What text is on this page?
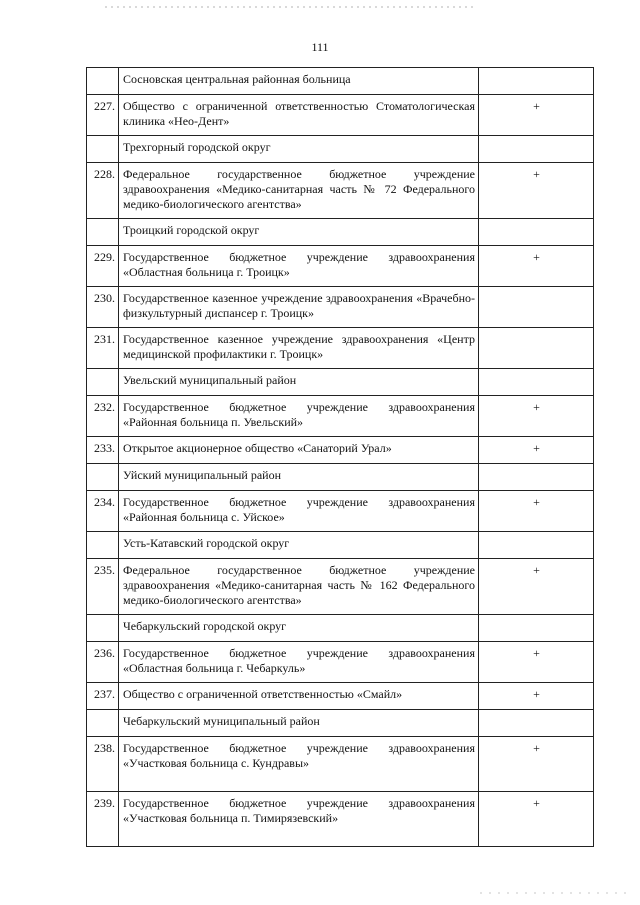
111
	Сосновская центральная районная больница	
227.	Общество с ограниченной ответственностью Стоматологическая клиника «Нео-Дент»	+
	Трехгорный городской округ	
228.	Федеральное государственное бюджетное учреждение здравоохранения «Медико-санитарная часть № 72 Федерального медико-биологического агентства»	+
	Троицкий городской округ	
229.	Государственное бюджетное учреждение здравоохранения «Областная больница г. Троицк»	+
230.	Государственное казенное учреждение здравоохранения «Врачебно-физкультурный диспансер г. Троицк»	
231.	Государственное казенное учреждение здравоохранения «Центр медицинской профилактики г. Троицк»	
	Увельский муниципальный район	
232.	Государственное бюджетное учреждение здравоохранения «Районная больница п. Увельский»	+
233.	Открытое акционерное общество «Санаторий Урал»	+
	Уйский муниципальный район	
234.	Государственное бюджетное учреждение здравоохранения «Районная больница с. Уйское»	+
	Усть-Катавский городской округ	
235.	Федеральное государственное бюджетное учреждение здравоохранения «Медико-санитарная часть № 162 Федерального медико-биологического агентства»	+
	Чебаркульский городской округ	
236.	Государственное бюджетное учреждение здравоохранения «Областная больница г. Чебаркуль»	+
237.	Общество с ограниченной ответственностью «Смайл»	+
	Чебаркульский муниципальный район	
238.	Государственное бюджетное учреждение здравоохранения «Участковая больница с. Кундравы»	+
239.	Государственное бюджетное учреждение здравоохранения «Участковая больница п. Тимирязевский»	+
